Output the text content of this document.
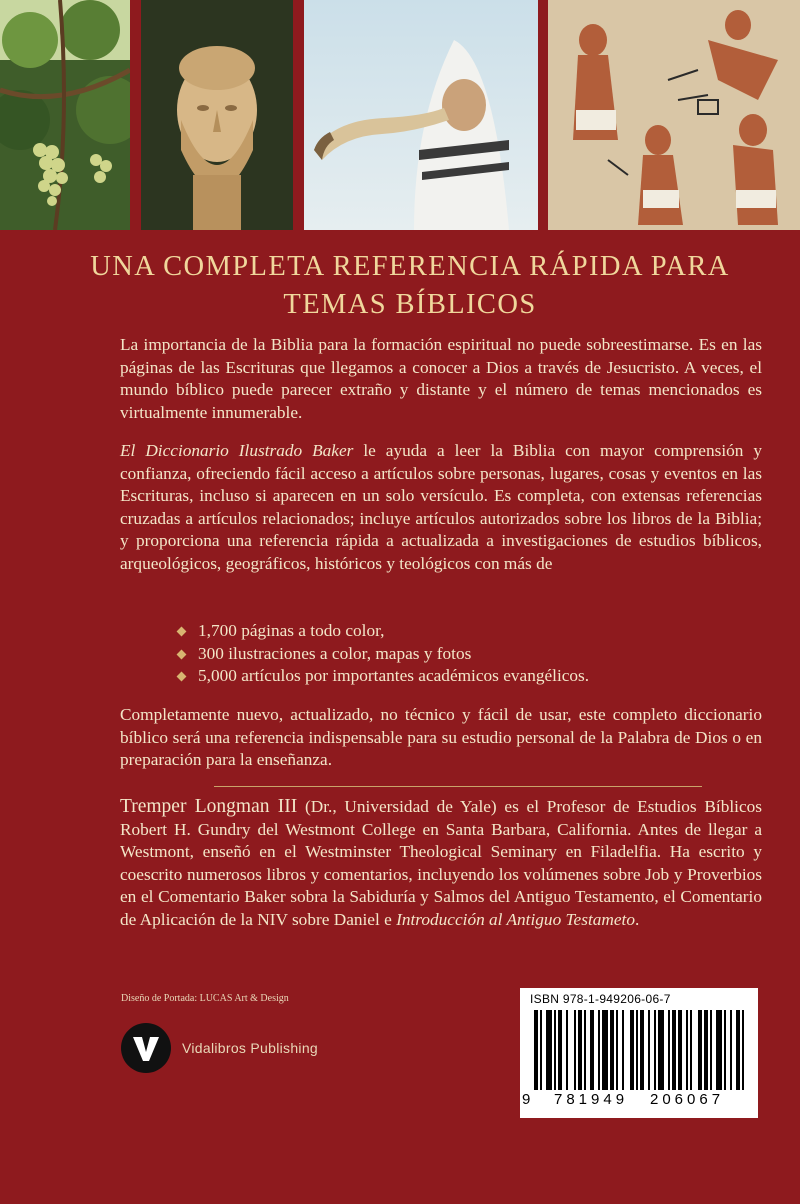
UNA COMPLETA REFERENCIA RÁPIDA PARA
TEMAS BÍBLICOS
La importancia de la Biblia para la formación espiritual no puede sobreestimarse. Es en las páginas de las Escrituras que llegamos a conocer a Dios a través de Jesucristo. A veces, el mundo bíblico puede parecer extraño y distante y el número de temas mencionados es virtualmente innumerable.
El Diccionario Ilustrado Baker le ayuda a leer la Biblia con mayor comprensión y confianza, ofreciendo fácil acceso a artículos sobre personas, lugares, cosas y eventos en las Escrituras, incluso si aparecen en un solo versículo. Es completa, con extensas referencias cruzadas a artículos relacionados; incluye artículos autorizados sobre los libros de la Biblia; y proporciona una referencia rápida a actualizada a investigaciones de estudios bíblicos, arqueológicos, geográficos, históricos y teológicos con más de
1,700 páginas a todo color,
300 ilustraciones a color, mapas y fotos
5,000 artículos por importantes académicos evangélicos.
Completamente nuevo, actualizado, no técnico y fácil de usar, este completo diccionario bíblico será una referencia indispensable para su estudio personal de la Palabra de Dios o en preparación para la enseñanza.
Tremper Longman III (Dr., Universidad de Yale) es el Profesor de Estudios Bíblicos Robert H. Gundry del Westmont College en Santa Barbara, California. Antes de llegar a Westmont, enseñó en el Westminster Theological Seminary en Filadelfia. Ha escrito y coescrito numerosos libros y comentarios, incluyendo los volúmenes sobre Job y Proverbios en el Comentario Baker sobra la Sabiduría y Salmos del Antiguo Testamento, el Comentario de Aplicación de la NIV sobre Daniel e Introducción al Antiguo Testameto.
Diseño de Portada: LUCAS Art & Design
Vidalibros Publishing
ISBN 978-1-949206-06-7
9 781949 206067
